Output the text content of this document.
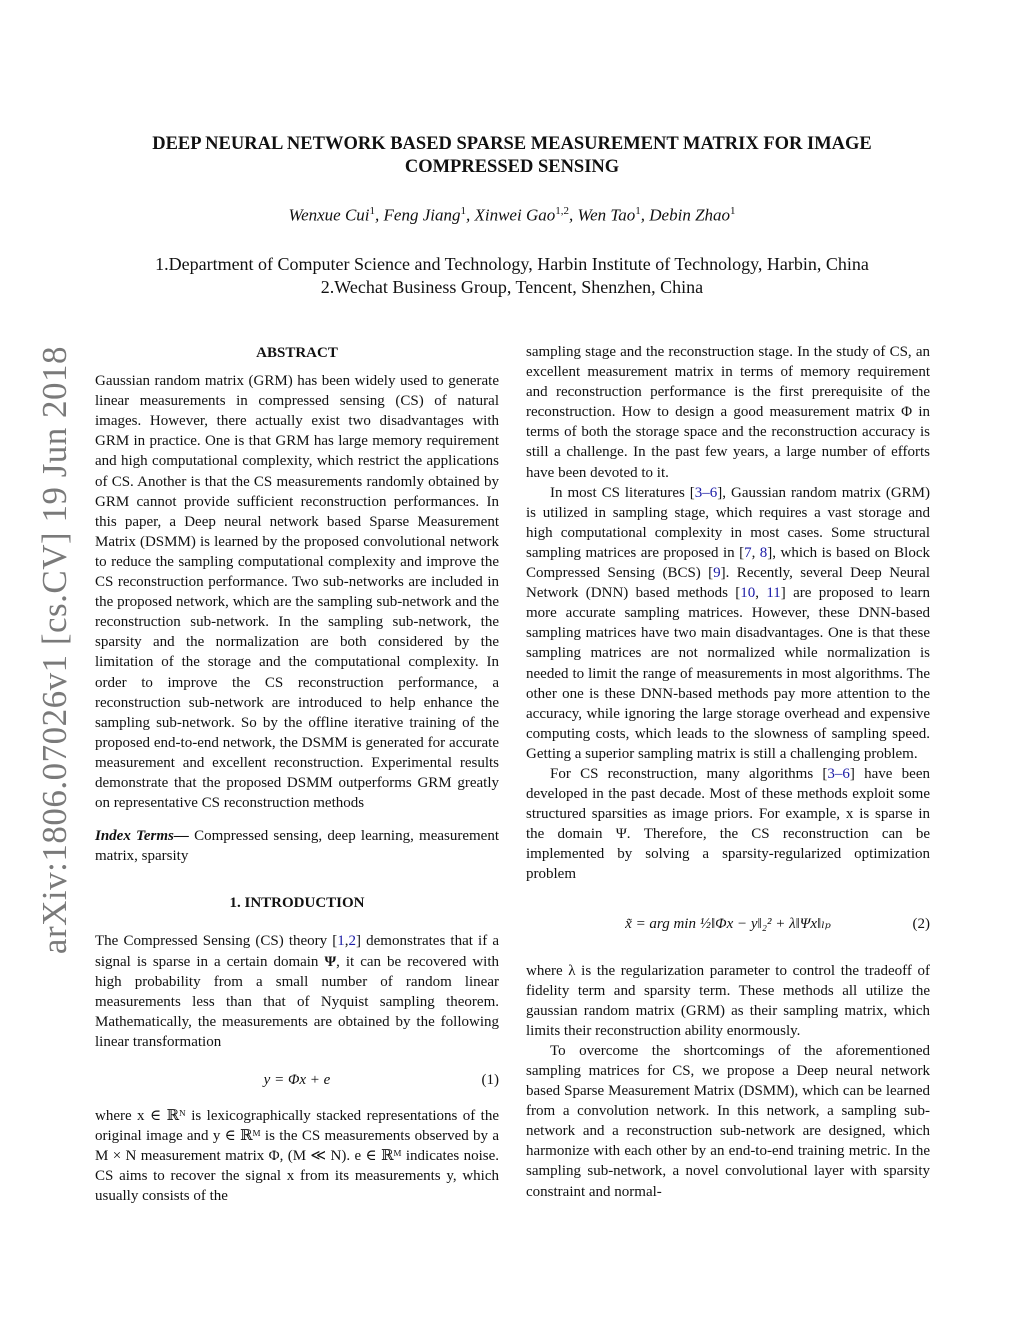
arXiv:1806.07026v1 [cs.CV] 19 Jun 2018
DEEP NEURAL NETWORK BASED SPARSE MEASUREMENT MATRIX FOR IMAGE COMPRESSED SENSING

Wenxue Cui$^1$, Feng Jiang$^1$, Xinwei Gao$^{1,2}$, Wen Tao$^1$, Debin Zhao$^1$

1.Department of Computer Science and Technology, Harbin Institute of Technology, Harbin, China
2.Wechat Business Group, Tencent, Shenzhen, China
ABSTRACT

Gaussian random matrix (GRM) has been widely used to generate linear measurements in compressed sensing (CS) of natural images. However, there actually exist two disadvantages with GRM in practice. One is that GRM has large memory requirement and high computational complexity, which restrict the applications of CS. Another is that the CS measurements randomly obtained by GRM cannot provide sufficient reconstruction performances. In this paper, a Deep neural network based Sparse Measurement Matrix (DSMM) is learned by the proposed convolutional network to reduce the sampling computational complexity and improve the CS reconstruction performance. Two sub-networks are included in the proposed network, which are the sampling sub-network and the reconstruction sub-network. In the sampling sub-network, the sparsity and the normalization are both considered by the limitation of the storage and the computational complexity. In order to improve the CS reconstruction performance, a reconstruction sub-network are introduced to help enhance the sampling sub-network. So by the offline iterative training of the proposed end-to-end network, the DSMM is generated for accurate measurement and excellent reconstruction. Experimental results demonstrate that the proposed DSMM outperforms GRM greatly on representative CS reconstruction methods

Index Terms— Compressed sensing, deep learning, measurement matrix, sparsity

1. INTRODUCTION

The Compressed Sensing (CS) theory [1,2] demonstrates that if a signal is sparse in a certain domain Ψ, it can be recovered with high probability from a small number of random linear measurements less than that of Nyquist sampling theorem. Mathematically, the measurements are obtained by the following linear transformation

y = Φx + e	(1)

where x ∈ ℝᴺ is lexicographically stacked representations of the original image and y ∈ ℝᴹ is the CS measurements observed by a M × N measurement matrix Φ, (M ≪ N). e ∈ ℝᴹ indicates noise. CS aims to recover the signal x from its measurements y, which usually consists of the

sampling stage and the reconstruction stage. In the study of CS, an excellent measurement matrix in terms of memory requirement and reconstruction performance is the first prerequisite of the reconstruction. How to design a good measurement matrix Φ in terms of both the storage space and the reconstruction accuracy is still a challenge. In the past few years, a large number of efforts have been devoted to it.

In most CS literatures [3–6], Gaussian random matrix (GRM) is utilized in sampling stage, which requires a vast storage and high computational complexity in most cases. Some structural sampling matrices are proposed in [7, 8], which is based on Block Compressed Sensing (BCS) [9]. Recently, several Deep Neural Network (DNN) based methods [10, 11] are proposed to learn more accurate sampling matrices. However, these DNN-based sampling matrices have two main disadvantages. One is that these sampling matrices are not normalized while normalization is needed to limit the range of measurements in most algorithms. The other one is these DNN-based methods pay more attention to the accuracy, while ignoring the large storage overhead and expensive computing costs, which leads to the slowness of sampling speed. Getting a superior sampling matrix is still a challenging problem.

For CS reconstruction, many algorithms [3–6] have been developed in the past decade. Most of these methods exploit some structured sparsities as image priors. For example, x is sparse in the domain Ψ. Therefore, the CS reconstruction can be implemented by solving a sparsity-regularized optimization problem

x̃ = arg min ½‖Φx − y‖₂² + λ‖Ψx‖ₗₚ	(2)

where λ is the regularization parameter to control the tradeoff of fidelity term and sparsity term. These methods all utilize the gaussian random matrix (GRM) as their sampling matrix, which limits their reconstruction ability enormously.

To overcome the shortcomings of the aforementioned sampling matrices for CS, we propose a Deep neural network based Sparse Measurement Matrix (DSMM), which can be learned from a convolution network. In this network, a sampling sub-network and a reconstruction sub-network are designed, which harmonize with each other by an end-to-end training metric. In the sampling sub-network, a novel convolutional layer with sparsity constraint and normal-
